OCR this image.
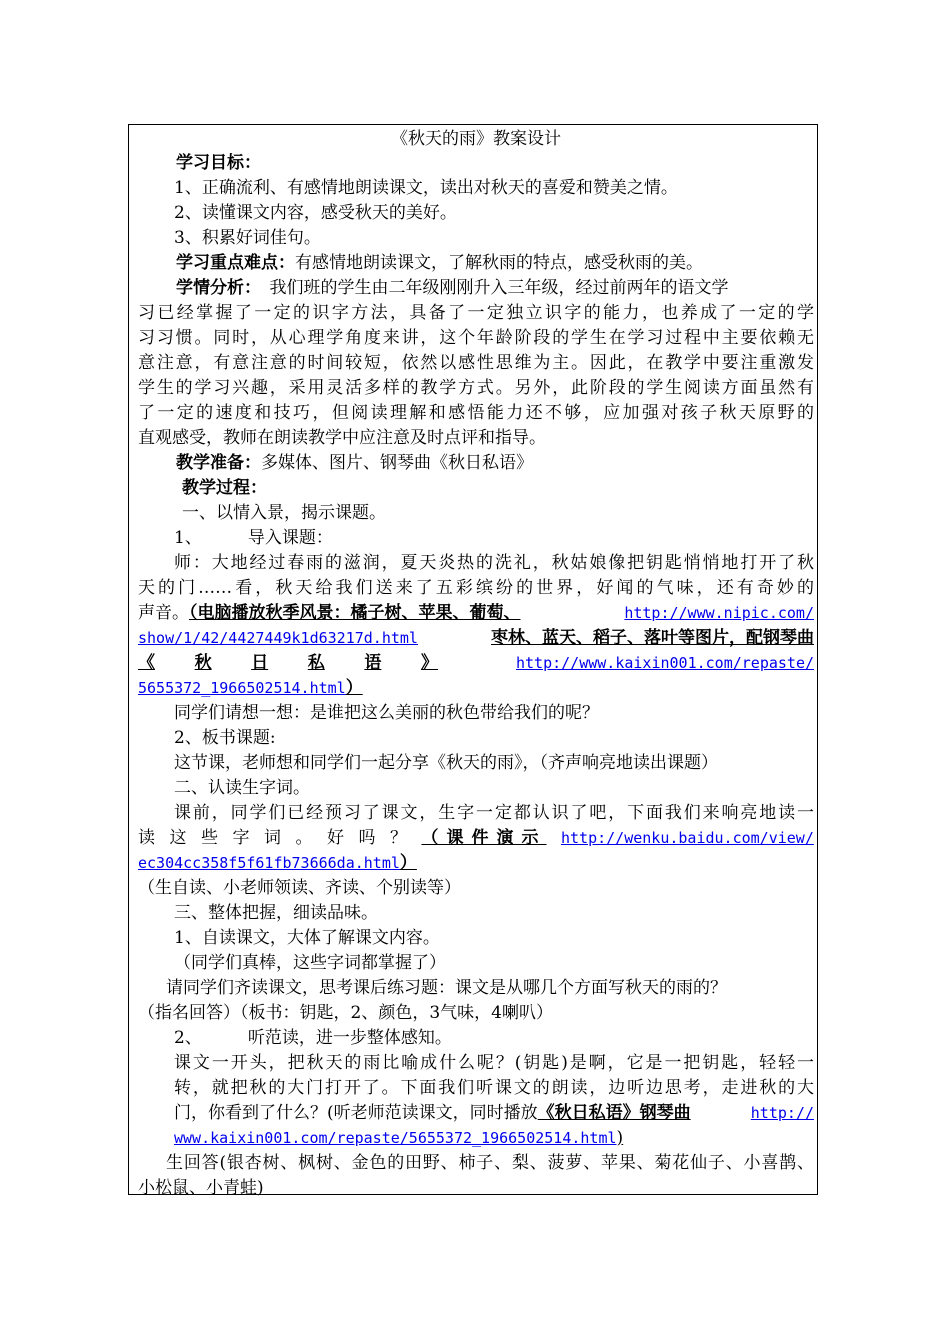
《秋天的雨》教案设计
学习目标：
1、正确流利、有感情地朗读课文，读出对秋天的喜爱和赞美之情。
2、读懂课文内容，感受秋天的美好。
3、积累好词佳句。
学习重点难点：有感情地朗读课文，了解秋雨的特点，感受秋雨的美。
学情分析：　我们班的学生由二年级刚刚升入三年级，经过前两年的语文学
习已经掌握了一定的识字方法，具备了一定独立识字的能力，也养成了一定的学
习习惯。同时，从心理学角度来讲，这个年龄阶段的学生在学习过程中主要依赖无
意注意，有意注意的时间较短，依然以感性思维为主。因此，在教学中要注重激发
学生的学习兴趣，采用灵活多样的教学方式。另外，此阶段的学生阅读方面虽然有
了一定的速度和技巧，但阅读理解和感悟能力还不够，应加强对孩子秋天原野的
直观感受，教师在朗读教学中应注意及时点评和指导。
教学准备：多媒体、图片、钢琴曲《秋日私语》
教学过程：
一、以情入景，揭示课题。
1、	导入课题：
师：大地经过春雨的滋润，夏天炎热的洗礼，秋姑娘像把钥匙悄悄地打开了秋
天的门……看，秋天给我们送来了五彩缤纷的世界，好闻的气味，还有奇妙的
声音。（电脑播放秋季风景：橘子树、苹果、葡萄、	http://www.nipic.com/
show/1/42/4427449k1d63217d.html	枣林、蓝天、稻子、落叶等图片，配钢琴曲
《 秋 日 私 语 》	http://www.kaixin001.com/repaste/
5655372_1966502514.html）
同学们请想一想：是谁把这么美丽的秋色带给我们的呢？
2、板书课题:
这节课，老师想和同学们一起分享《秋天的雨》，（齐声响亮地读出课题）
二、认读生字词。
课前，同学们已经预习了课文，生字一定都认识了吧，下面我们来响亮地读一
读 这 些 字 词 。 好 吗 ？ （课件演示 http://wenku.baidu.com/view/
ec304cc358f5f61fb73666da.html）
（生自读、小老师领读、齐读、个别读等）
三、整体把握，细读品味。
1、自读课文，大体了解课文内容。
（同学们真棒，这些字词都掌握了）
请同学们齐读课文，思考课后练习题：课文是从哪几个方面写秋天的雨的？
（指名回答）（板书：钥匙，2、颜色，3气味，4喇叭）
2、	听范读，进一步整体感知。
课文一开头，把秋天的雨比喻成什么呢？(钥匙)是啊，它是一把钥匙，轻轻一
转，就把秋的大门打开了。下面我们听课文的朗读，边听边思考，走进秋的大
门，你看到了什么？(听老师范读课文，同时播放《秋日私语》钢琴曲	http://
www.kaixin001.com/repaste/5655372_1966502514.html)
生回答(银杏树、枫树、金色的田野、柿子、梨、菠萝、苹果、菊花仙子、小喜鹊、
小松鼠、小青蛙)
